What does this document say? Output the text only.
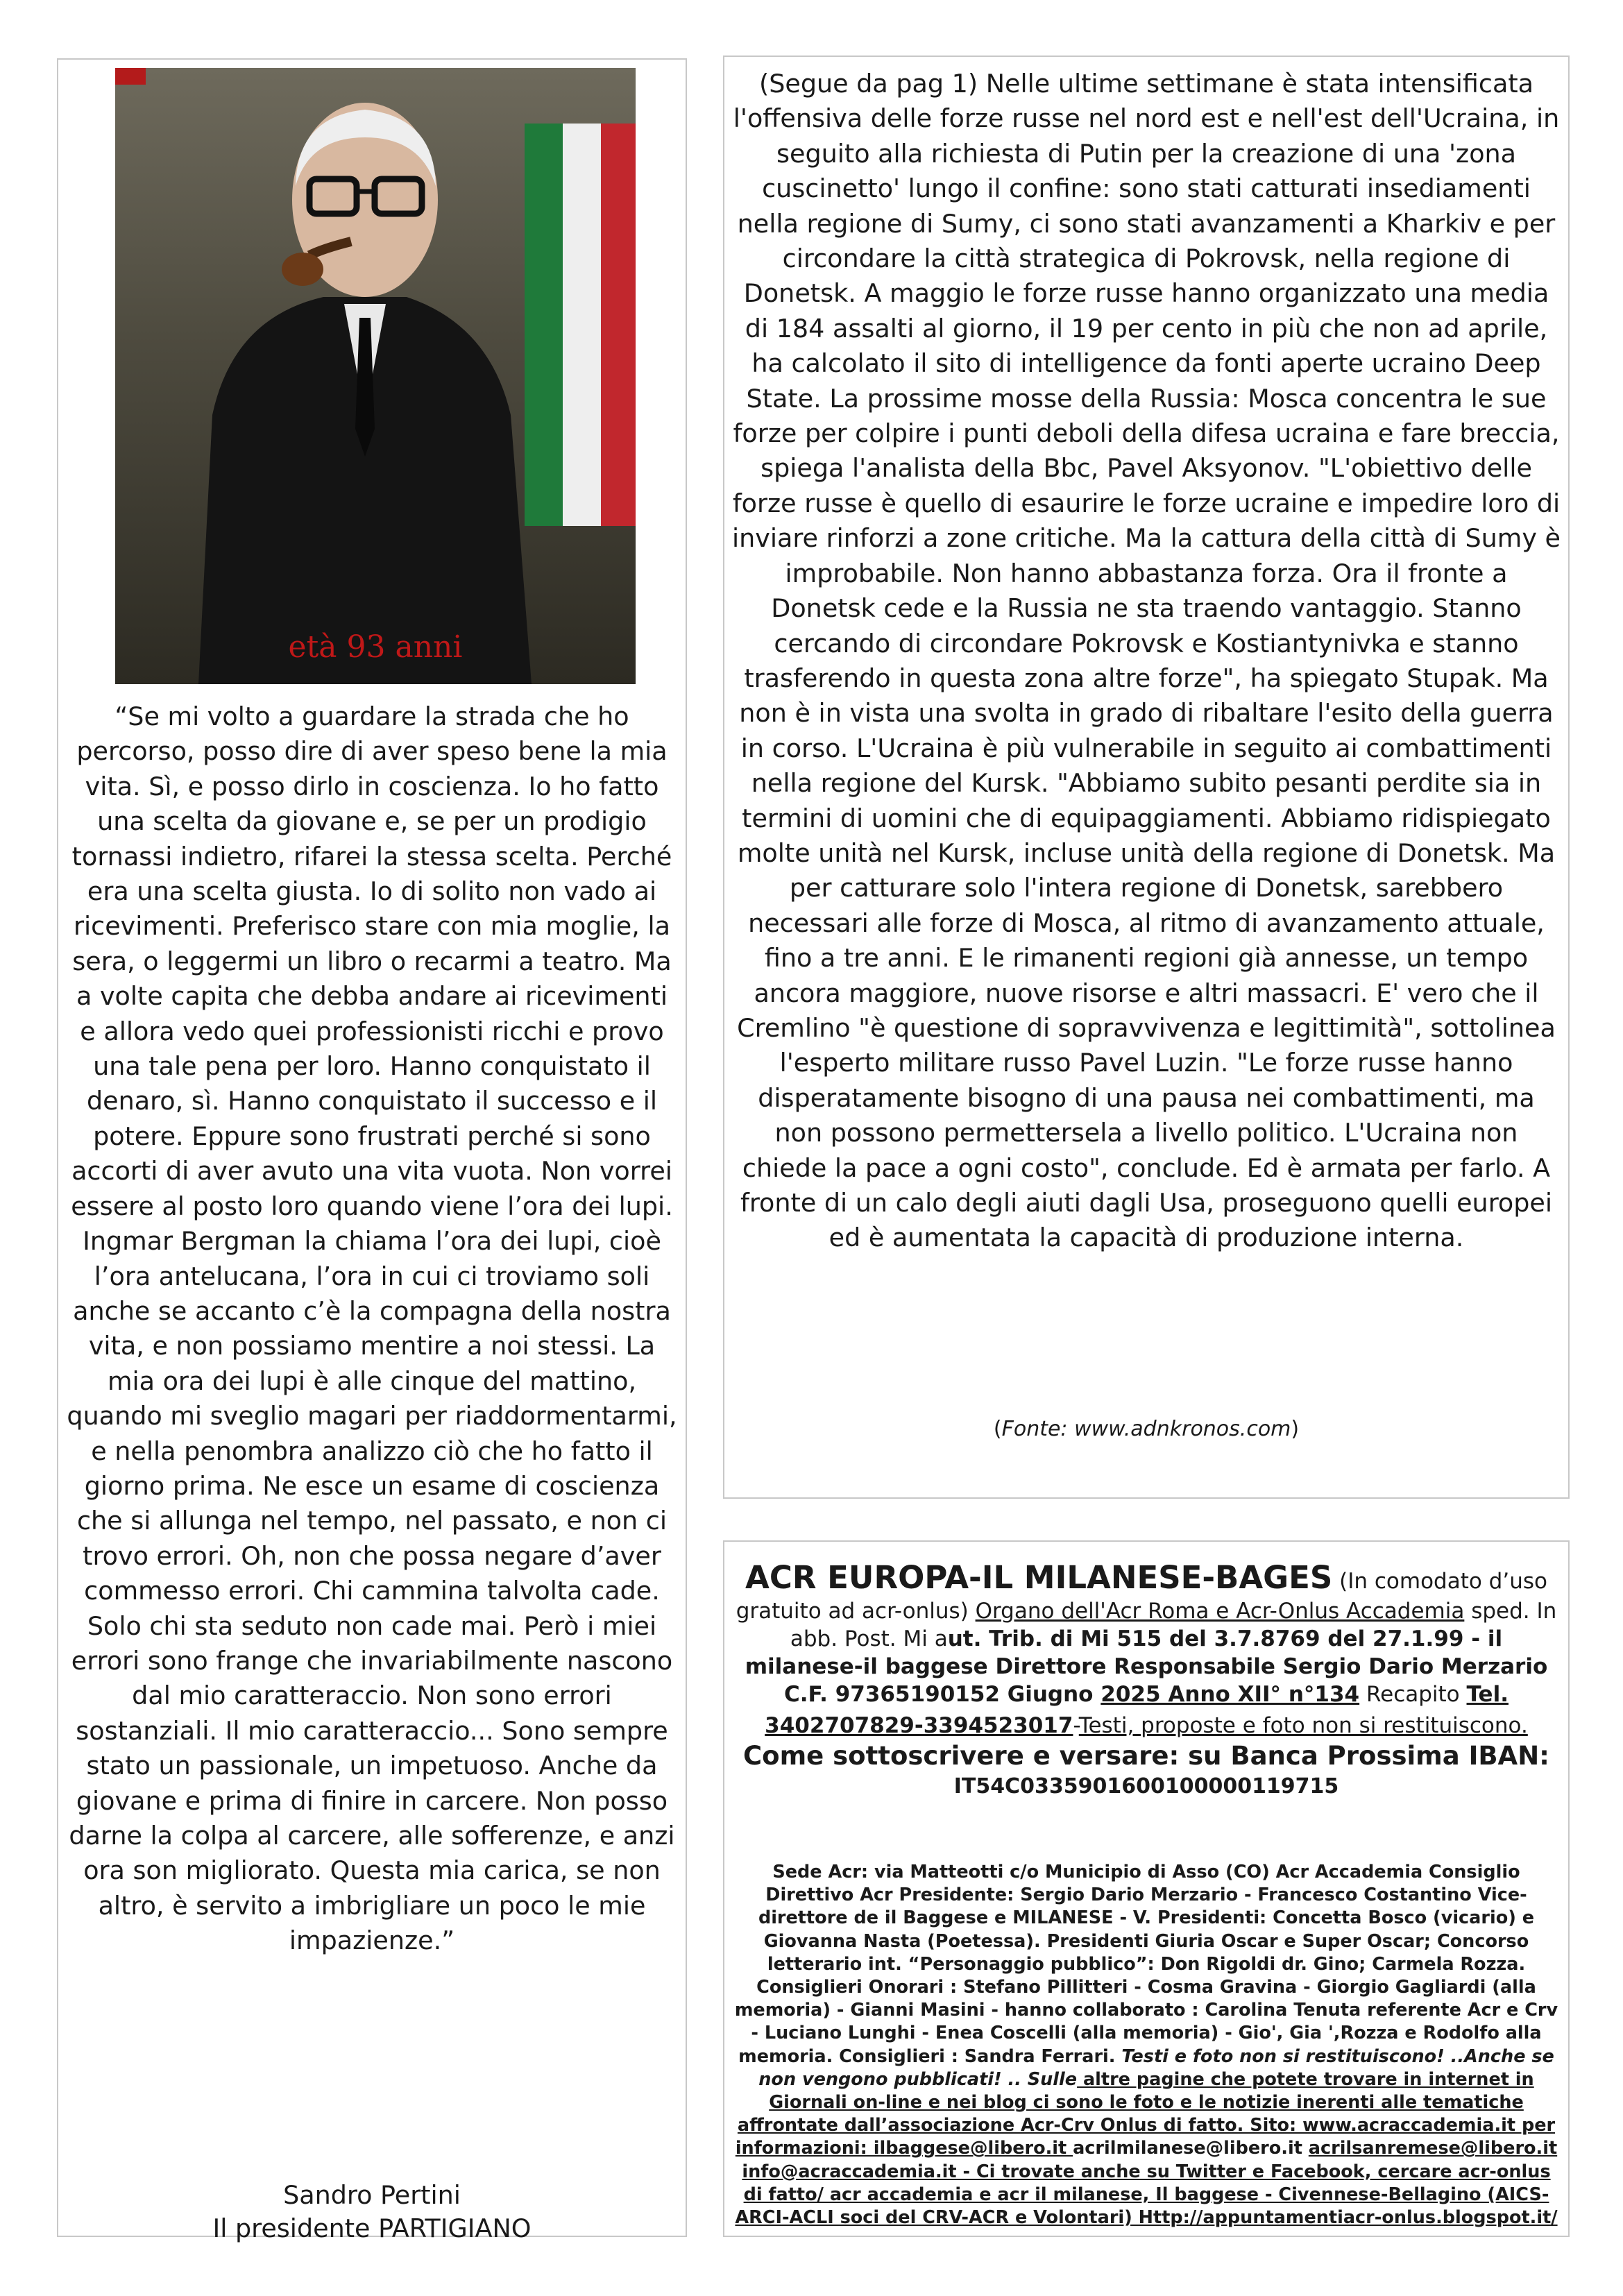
età 93 anni

“Se mi volto a guardare la strada che ho percorso, posso dire di aver speso bene la mia vita. Sì, e posso dirlo in coscienza. Io ho fatto una scelta da giovane e, se per un prodigio tornassi indietro, rifarei la stessa scelta. Perché era una scelta giusta. Io di solito non vado ai ricevimenti. Preferisco stare con mia moglie, la sera, o leggermi un libro o recarmi a teatro. Ma a volte capita che debba andare ai ricevimenti e allora vedo quei professionisti ricchi e provo una tale pena per loro. Hanno conquistato il denaro, sì. Hanno conquistato il successo e il potere. Eppure sono frustrati perché si sono accorti di aver avuto una vita vuota. Non vorrei essere al posto loro quando viene l’ora dei lupi. Ingmar Bergman la chiama l’ora dei lupi, cioè l’ora antelucana, l’ora in cui ci troviamo soli anche se accanto c’è la compagna della nostra vita, e non possiamo mentire a noi stessi. La mia ora dei lupi è alle cinque del mattino, quando mi sveglio magari per riaddormentarmi, e nella penombra analizzo ciò che ho fatto il giorno prima. Ne esce un esame di coscienza che si allunga nel tempo, nel passato, e non ci trovo errori. Oh, non che possa negare d’aver commesso errori. Chi cammina talvolta cade. Solo chi sta seduto non cade mai. Però i miei errori sono frange che invariabilmente nascono dal mio caratteraccio. Non sono errori sostanziali. Il mio caratteraccio... Sono sempre stato un passionale, un impetuoso. Anche da giovane e prima di finire in carcere. Non posso darne la colpa al carcere, alle sofferenze, e anzi ora son migliorato. Questa mia carica, se non altro, è servito a imbrigliare un poco le mie impazienze.”

Sandro Pertini
Il presidente PARTIGIANO

(Segue da pag 1) Nelle ultime settimane è stata intensificata l'offensiva delle forze russe nel nord est e nell'est dell'Ucraina, in seguito alla richiesta di Putin per la creazione di una 'zona cuscinetto' lungo il confine: sono stati catturati insediamenti nella regione di Sumy, ci sono stati avanzamenti a Kharkiv e per circondare la città strategica di Pokrovsk, nella regione di Donetsk. A maggio le forze russe hanno organizzato una media di 184 assalti al giorno, il 19 per cento in più che non ad aprile, ha calcolato il sito di intelligence da fonti aperte ucraino Deep State. La prossime mosse della Russia: Mosca concentra le sue forze per colpire i punti deboli della difesa ucraina e fare breccia, spiega l'analista della Bbc, Pavel Aksyonov. "L'obiettivo delle forze russe è quello di esaurire le forze ucraine e impedire loro di inviare rinforzi a zone critiche. Ma la cattura della città di Sumy è improbabile. Non hanno abbastanza forza. Ora il fronte a Donetsk cede e la Russia ne sta traendo vantaggio. Stanno cercando di circondare Pokrovsk e Kostiantynivka e stanno trasferendo in questa zona altre forze", ha spiegato Stupak. Ma non è in vista una svolta in grado di ribaltare l'esito della guerra in corso. L'Ucraina è più vulnerabile in seguito ai combattimenti nella regione del Kursk. "Abbiamo subito pesanti perdite sia in termini di uomini che di equipaggiamenti. Abbiamo ridispiegato molte unità nel Kursk, incluse unità della regione di Donetsk. Ma per catturare solo l'intera regione di Donetsk, sarebbero necessari alle forze di Mosca, al ritmo di avanzamento attuale, fino a tre anni. E le rimanenti regioni già annesse, un tempo ancora maggiore, nuove risorse e altri massacri. E' vero che il Cremlino "è questione di sopravvivenza e legittimità", sottolinea l'esperto militare russo Pavel Luzin. "Le forze russe hanno disperatamente bisogno di una pausa nei combattimenti, ma non possono permettersela a livello politico. L'Ucraina non chiede la pace a ogni costo", conclude. Ed è armata per farlo. A fronte di un calo degli aiuti dagli Usa, proseguono quelli europei ed è aumentata la capacità di produzione interna.

(Fonte: www.adnkronos.com)

ACR EUROPA-IL MILANESE-BAGES (In comodato d’uso gratuito ad acr-onlus) Organo dell'Acr Roma e Acr-Onlus Accademia sped. In abb. Post. Mi aut. Trib. di Mi 515 del 3.7.8769 del 27.1.99 - il milanese-il baggese Direttore Responsabile Sergio Dario Merzario C.F. 97365190152 Giugno 2025 Anno XII° n°134 Recapito Tel. 3402707829-3394523017-Testi, proposte e foto non si restituiscono. Come sottoscrivere e versare: su Banca Prossima IBAN:
IT54C0335901600100000119715

Sede Acr: via Matteotti c/o Municipio di Asso (CO) Acr Accademia Consiglio Direttivo Acr Presidente: Sergio Dario Merzario - Francesco Costantino Vice-direttore de il Baggese e MILANESE - V. Presidenti: Concetta Bosco (vicario) e Giovanna Nasta (Poetessa). Presidenti Giuria Oscar e Super Oscar; Concorso letterario int. “Personaggio pubblico”: Don Rigoldi dr. Gino; Carmela Rozza. Consiglieri Onorari : Stefano Pillitteri - Cosma Gravina - Giorgio Gagliardi (alla memoria) - Gianni Masini - hanno collaborato : Carolina Tenuta referente Acr e Crv - Luciano Lunghi - Enea Coscelli (alla memoria) - Gio', Gia ',Rozza e Rodolfo alla memoria. Consiglieri : Sandra Ferrari. Testi e foto non si restituiscono! ..Anche se non vengono pubblicati! .. Sulle altre pagine che potete trovare in internet in Giornali on-line e nei blog ci sono le foto e le notizie inerenti alle tematiche affrontate dall’associazione Acr-Crv Onlus di fatto. Sito: www.acraccademia.it per informazioni: ilbaggese@libero.it acrilmilanese@libero.it acrilsanremese@libero.it info@acraccademia.it - Ci trovate anche su Twitter e Facebook, cercare acr-onlus di fatto/ acr accademia e acr il milanese, Il baggese - Civennese-Bellagino (AICS-ARCI-ACLI soci del CRV-ACR e Volontari) Http://appuntamentiacr-onlus.blogspot.it/
